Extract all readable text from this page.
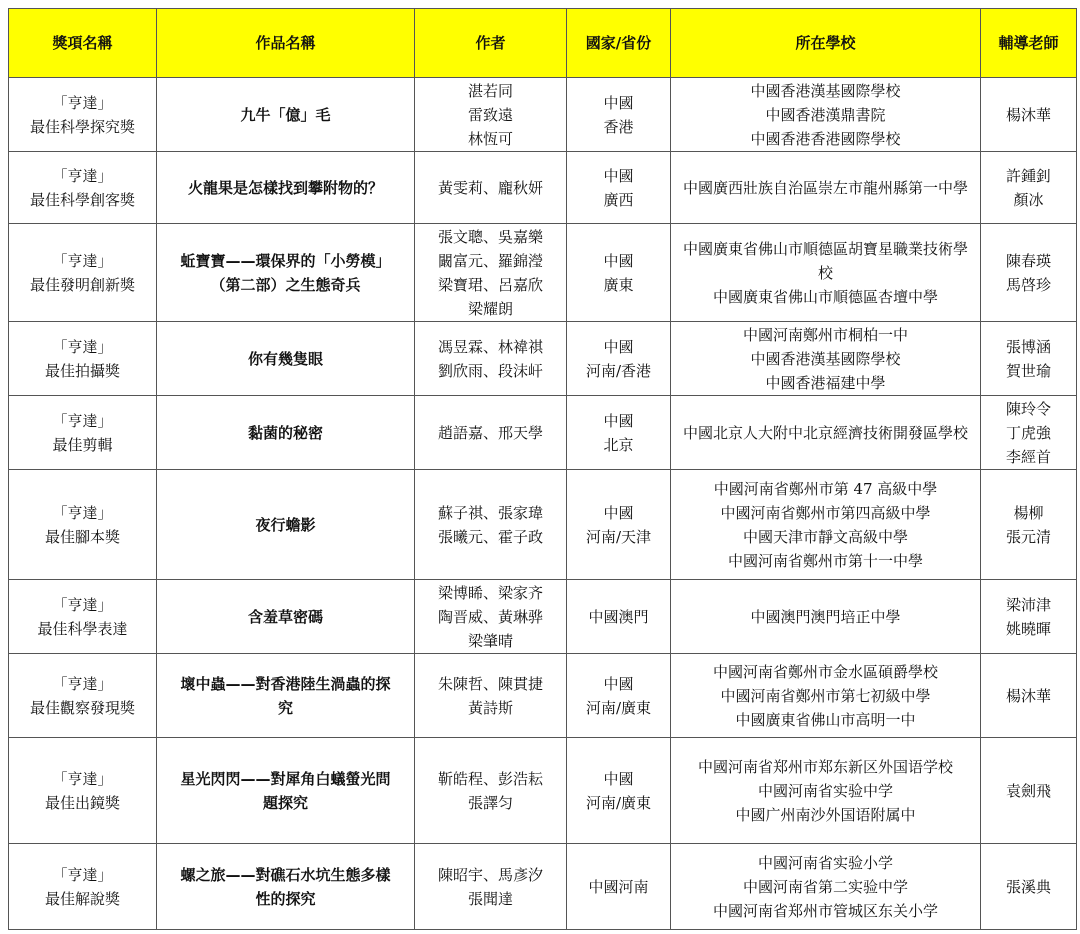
獎項名稱	作品名稱	作者	國家/省份	所在學校	輔導老師

「亨達」
最佳科學探究獎	九牛「億」毛	湛若同
雷致遠
林恆可	中國
香港	中國香港漢基國際學校
中國香港漢鼎書院
中國香港香港國際學校	楊沐華

「亨達」
最佳科學創客獎	火龍果是怎樣找到攀附物的？	黃雯莉、龐秋妍	中國
廣西	中國廣西壯族自治區崇左市龍州縣第一中學	許鍾釗
顏冰

「亨達」
最佳發明創新獎	蚯寶寶——環保界的「小勞模」（第二部）之生態奇兵	張文聰、吳嘉樂
闞富元、羅錦瀅
梁寶珺、呂嘉欣
梁耀朗	中國
廣東	中國廣東省佛山市順德區胡寶星職業技術學校
中國廣東省佛山市順德區杏壇中學	陳春瑛
馬啓珍

「亨達」
最佳拍攝獎	你有幾隻眼	馮昱霖、林褘祺
劉欣雨、段沫屽	中國
河南/香港	中國河南鄭州市桐柏一中
中國香港漢基國際學校
中國香港福建中學	張博涵
賀世瑜

「亨達」
最佳剪輯	黏菌的秘密	趙語嘉、邢天學	中國
北京	中國北京人大附中北京經濟技術開發區學校	陳玲令
丁虎強
李經首

「亨達」
最佳腳本獎	夜行蟾影	蘇子祺、張家瑋
張曦元、霍子政	中國
河南/天津	中國河南省鄭州市第 47 高級中學
中國河南省鄭州市第四高級中學
中國天津市靜文高級中學
中國河南省鄭州市第十一中學	楊柳
張元清

「亨達」
最佳科學表達	含羞草密碼	梁博睎、梁家齐
陶晋威、黃琳骅
梁肇晴	中國澳門	中國澳門澳門培正中學	梁沛津
姚曉暉

「亨達」
最佳觀察發現獎	壞中蟲——對香港陸生渦蟲的探究	朱陳哲、陳貫捷
黃詩斯	中國
河南/廣東	中國河南省鄭州市金水區碩爵學校
中國河南省鄭州市第七初級中學
中國廣東省佛山市高明一中	楊沐華

「亨達」
最佳出鏡獎	星光閃閃——對犀角白蟻螢光問題探究	靳皓程、彭浩耘
張譯匀	中國
河南/廣東	中國河南省郑州市郑东新区外国语学校
中國河南省实验中学
中國广州南沙外国语附属中	袁劍飛

「亨達」
最佳解說獎	螺之旅——對礁石水坑生態多樣性的探究	陳昭宇、馬彥汐
張聞達	中國河南	中國河南省实验小学
中國河南省第二实验中学
中國河南省郑州市管城区东关小学	張溪典
